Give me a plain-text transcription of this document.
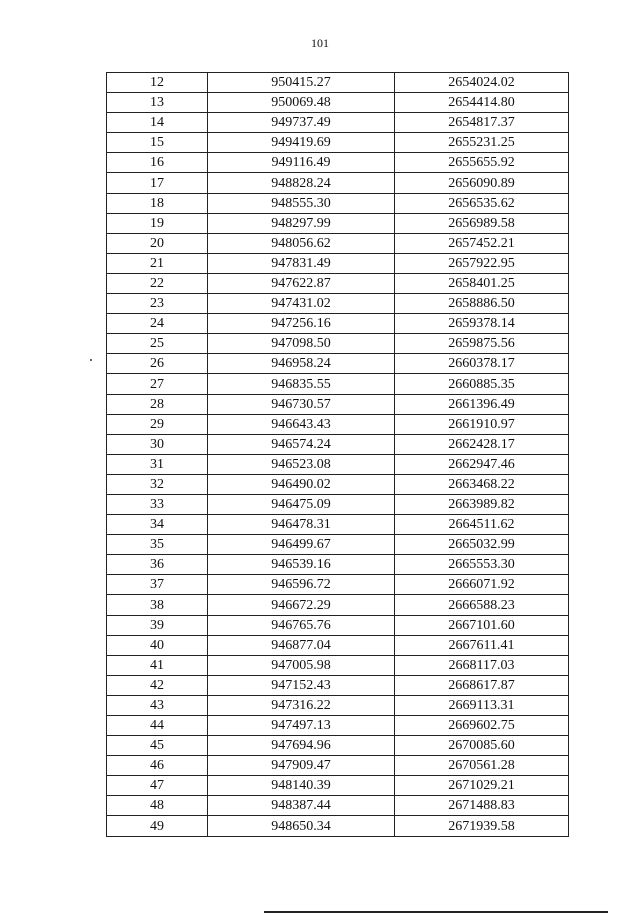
101
12	950415.27	2654024.02
13	950069.48	2654414.80
14	949737.49	2654817.37
15	949419.69	2655231.25
16	949116.49	2655655.92
17	948828.24	2656090.89
18	948555.30	2656535.62
19	948297.99	2656989.58
20	948056.62	2657452.21
21	947831.49	2657922.95
22	947622.87	2658401.25
23	947431.02	2658886.50
24	947256.16	2659378.14
25	947098.50	2659875.56
26	946958.24	2660378.17
27	946835.55	2660885.35
28	946730.57	2661396.49
29	946643.43	2661910.97
30	946574.24	2662428.17
31	946523.08	2662947.46
32	946490.02	2663468.22
33	946475.09	2663989.82
34	946478.31	2664511.62
35	946499.67	2665032.99
36	946539.16	2665553.30
37	946596.72	2666071.92
38	946672.29	2666588.23
39	946765.76	2667101.60
40	946877.04	2667611.41
41	947005.98	2668117.03
42	947152.43	2668617.87
43	947316.22	2669113.31
44	947497.13	2669602.75
45	947694.96	2670085.60
46	947909.47	2670561.28
47	948140.39	2671029.21
48	948387.44	2671488.83
49	948650.34	2671939.58
